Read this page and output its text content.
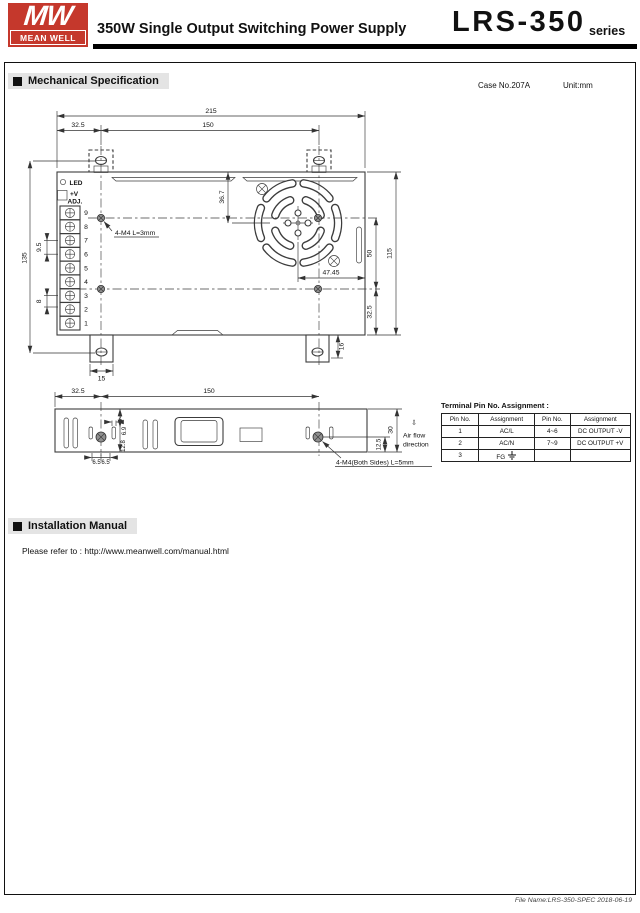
MW
MEAN WELL
350W Single Output Switching Power Supply LRS-350 series
Mechanical Specification	Case No.207A	Unit:mm
LED
+V
ADJ.
9
8
7
6
5
4
3
2
1
215
32.5	150
135
9.5
8
36.7
47.45
50 115
32.5
15
16
4-M4 L=3mm
32.5	150
2
6.9
12.8
6.5 6.5
12.5
30
4-M4(Both Sides) L=5mm
⇩
Air flow
direction
Terminal Pin No. Assignment :
Pin No.	Assignment	Pin No.	Assignment
1	AC/L	4~6	DC OUTPUT -V
2	AC/N	7~9	DC OUTPUT +V
3	FG		
Installation Manual
Please refer to : http://www.meanwell.com/manual.html
File Name:LRS-350-SPEC 2018-06-19
